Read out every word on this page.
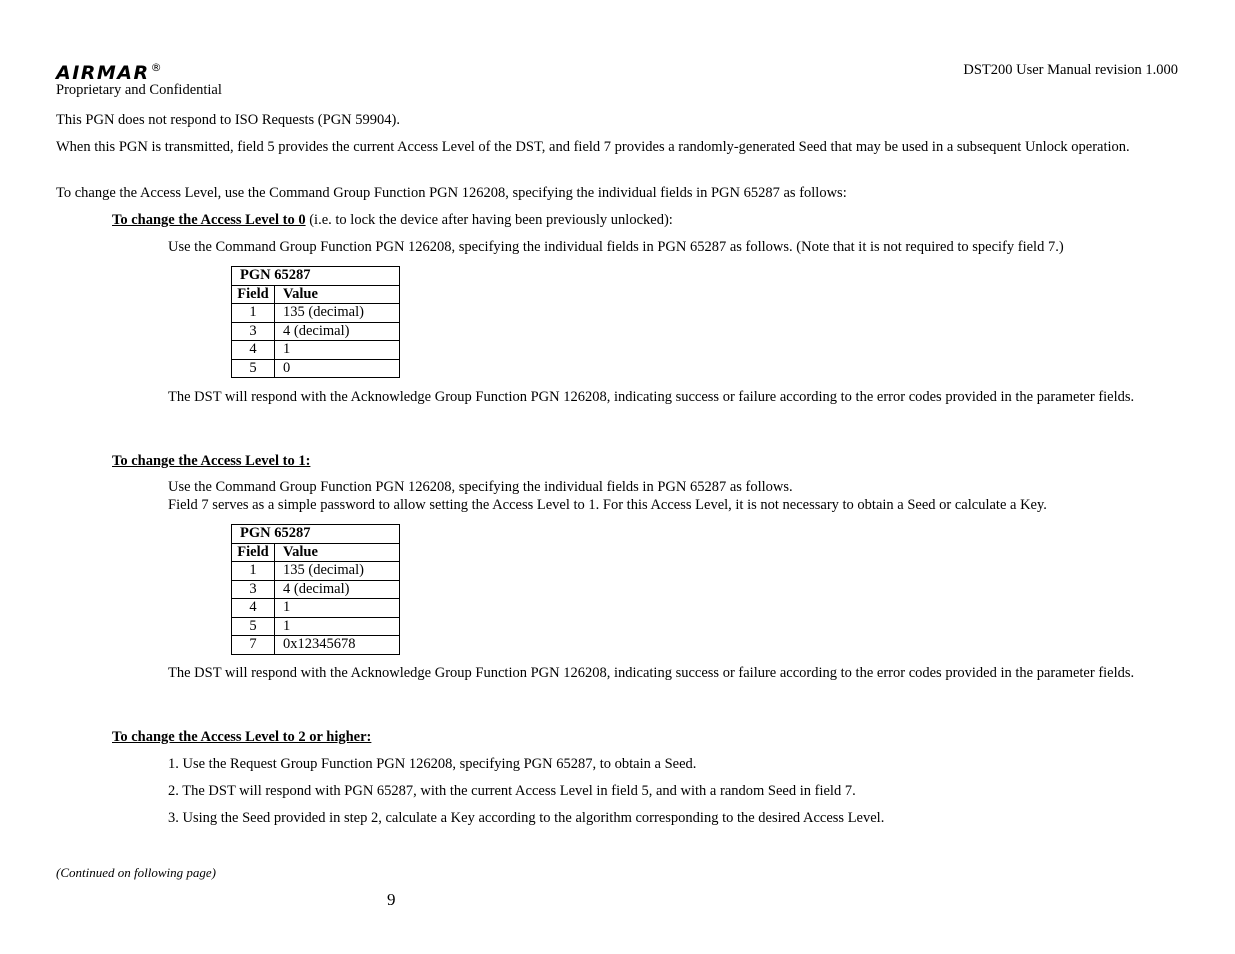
AIRMAR®	DST200 User Manual revision 1.000
Proprietary and Confidential
This PGN does not respond to ISO Requests (PGN 59904).
When this PGN is transmitted, field 5 provides the current Access Level of the DST, and field 7 provides a randomly-generated Seed that may be used in a subsequent Unlock operation.
To change the Access Level, use the Command Group Function PGN 126208, specifying the individual fields in PGN 65287 as follows:
To change the Access Level to 0 (i.e. to lock the device after having been previously unlocked):
Use the Command Group Function PGN 126208, specifying the individual fields in PGN 65287 as follows. (Note that it is not required to specify field 7.)
PGN 65287	
Field	Value
1	135 (decimal)
3	4 (decimal)
4	1
5	0
The DST will respond with the Acknowledge Group Function PGN 126208, indicating success or failure according to the error codes provided in the parameter fields.
To change the Access Level to 1:
Use the Command Group Function PGN 126208, specifying the individual fields in PGN 65287 as follows.
Field 7 serves as a simple password to allow setting the Access Level to 1. For this Access Level, it is not necessary to obtain a Seed or calculate a Key.
PGN 65287	
Field	Value
1	135 (decimal)
3	4 (decimal)
4	1
5	1
7	0x12345678
The DST will respond with the Acknowledge Group Function PGN 126208, indicating success or failure according to the error codes provided in the parameter fields.
To change the Access Level to 2 or higher:
1. Use the Request Group Function PGN 126208, specifying PGN 65287, to obtain a Seed.
2. The DST will respond with PGN 65287, with the current Access Level in field 5, and with a random Seed in field 7.
3. Using the Seed provided in step 2, calculate a Key according to the algorithm corresponding to the desired Access Level.
(Continued on following page)
9
